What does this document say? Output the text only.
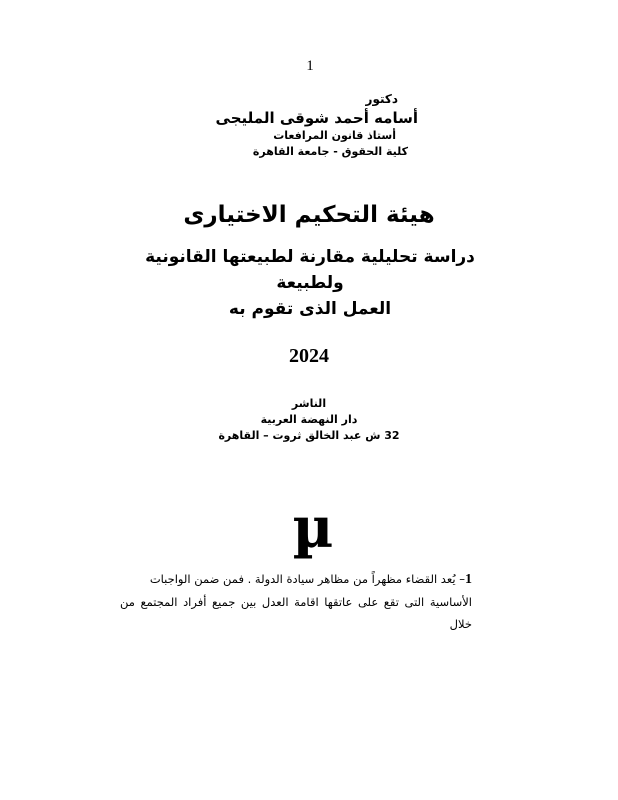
1
دكتور
أسامه أحمد شوقى المليجى
أستاذ قانون المرافعات
كلية الحقوق - جامعة القاهرة
هيئة التحكيم الاختيارى
دراسة تحليلية مقارنة لطبيعتها القانونية ولطبيعة
العمل الذى تقوم به
2024
الناشر
دار النهضة العربية
32 ش عبد الخالق ثروت – القاهرة
µ
1– يُعد القضاء مظهراً من مظاهر سيادة الدولة . فمن ضمن الواجبات
الأساسية التى تقع على عاتقها اقامة العدل بين جميع أفراد المجتمع من خلال
